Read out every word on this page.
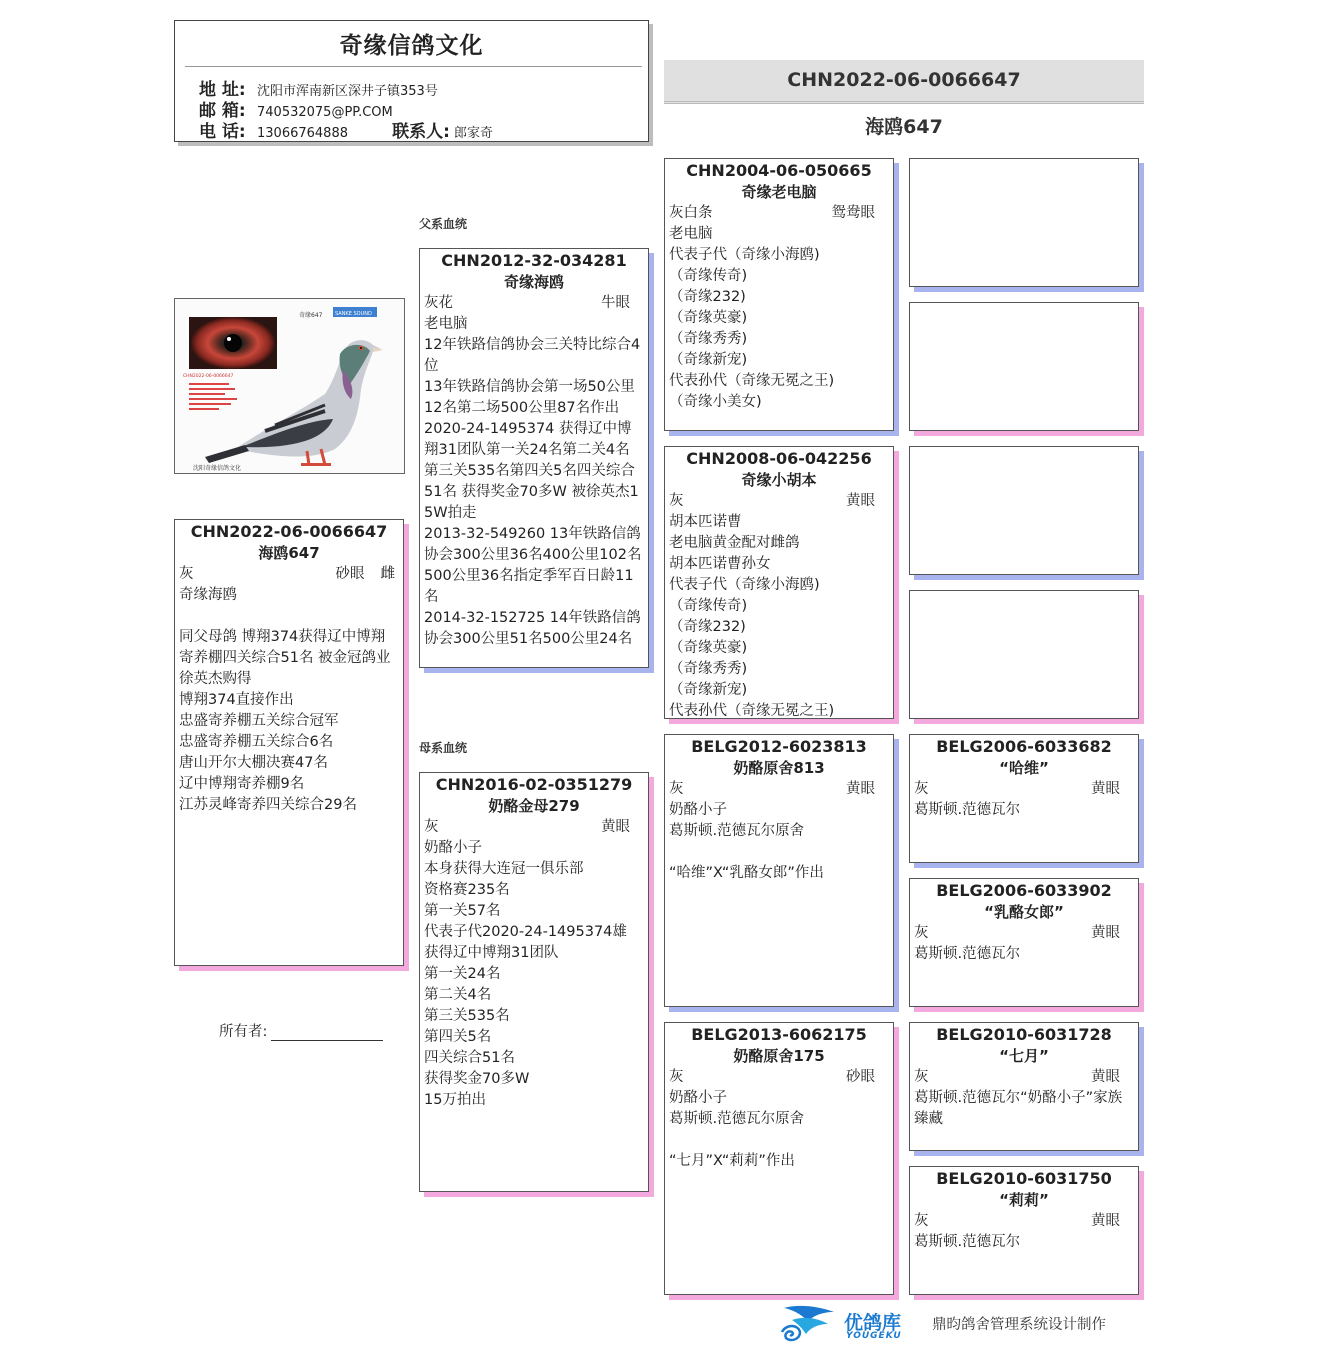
奇缘信鸽文化
地 址: 沈阳市浑南新区深井子镇353号
邮 箱: 740532075@PP.COM
电 话: 13066764888	联系人: 郎家奇
CHN2022-06-0066647
海鸥647
父系血统
母系血统
奇缘647	SANKE SOUND
CHN2022-06-0066647
沈阳奇缘信鸽文化
CHN2022-06-0066647
海鸥647
灰	砂眼 雌
奇缘海鸥
同父母鸽 博翔374获得辽中博翔寄养棚四关综合51名 被金冠鸽业徐英杰购得
博翔374直接作出
忠盛寄养棚五关综合冠军
忠盛寄养棚五关综合6名
唐山开尔大棚决赛47名
辽中博翔寄养棚9名
江苏灵峰寄养四关综合29名
所有者:
CHN2012-32-034281
奇缘海鸥
灰花	牛眼
老电脑
12年铁路信鸽协会三关特比综合4位
13年铁路信鸽协会第一场50公里12名第二场500公里87名作出
2020-24-1495374 获得辽中博翔31团队第一关24名第二关4名第三关535名第四关5名四关综合51名 获得奖金70多W 被徐英杰15W拍走
2013-32-549260 13年铁路信鸽协会300公里36名400公里102名500公里36名指定季军百日龄11名
2014-32-152725 14年铁路信鸽协会300公里51名500公里24名
CHN2016-02-0351279
奶酪金母279
灰	黄眼
奶酪小子
本身获得大连冠一俱乐部
资格赛235名
第一关57名
代表子代2020-24-1495374雄
获得辽中博翔31团队
第一关24名
第二关4名
第三关535名
第四关5名
四关综合51名
获得奖金70多W
15万拍出
CHN2004-06-050665
奇缘老电脑
灰白条	鸳鸯眼
老电脑
代表子代（奇缘小海鸥)
（奇缘传奇)
（奇缘232)
（奇缘英豪)
（奇缘秀秀)
（奇缘新宠)
代表孙代（奇缘无冕之王)
（奇缘小美女)
CHN2008-06-042256
奇缘小胡本
灰	黄眼
胡本匹诺曹
老电脑黄金配对雌鸽
胡本匹诺曹孙女
代表子代（奇缘小海鸥)
（奇缘传奇)
（奇缘232)
（奇缘英豪)
（奇缘秀秀)
（奇缘新宠)
代表孙代（奇缘无冕之王)
BELG2012-6023813
奶酪原舍813
灰	黄眼
奶酪小子
葛斯顿.范德瓦尔原舍
“哈维”X“乳酪女郎”作出
BELG2013-6062175
奶酪原舍175
灰	砂眼
奶酪小子
葛斯顿.范德瓦尔原舍
“七月”X“莉莉”作出
BELG2006-6033682
“哈维”
灰	黄眼
葛斯顿.范德瓦尔
BELG2006-6033902
“乳酪女郎”
灰	黄眼
葛斯顿.范德瓦尔
BELG2010-6031728
“七月”
灰	黄眼
葛斯顿.范德瓦尔“奶酪小子”家族臻藏
BELG2010-6031750
“莉莉”
灰	黄眼
葛斯顿.范德瓦尔
优鸽库
YOUGEKU
鼎昀鸽舍管理系统设计制作
